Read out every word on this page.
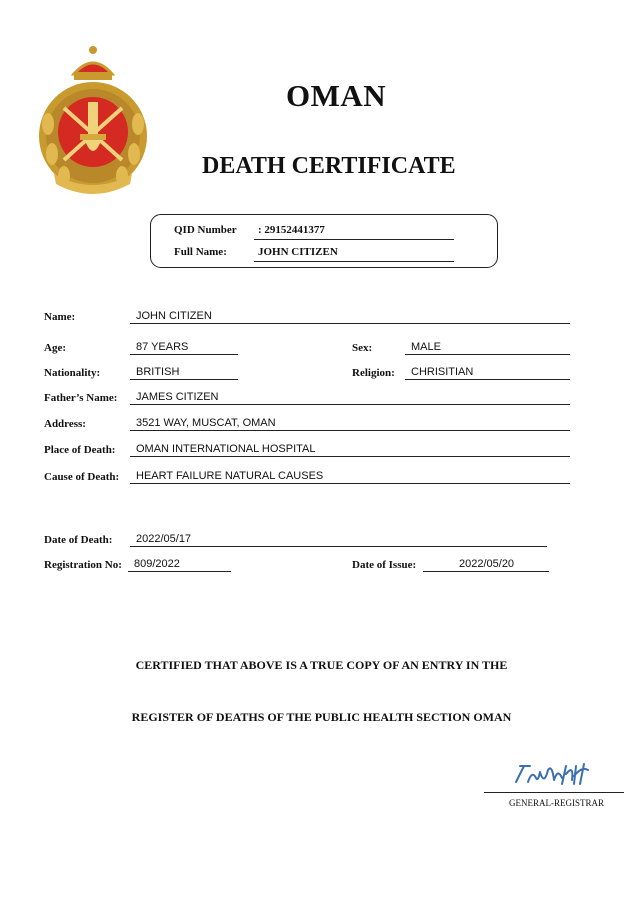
OMAN
DEATH CERTIFICATE
QID Number : 29152441377
Full Name:	JOHN CITIZEN
Name:	JOHN CITIZEN
Age:	87 YEARS	Sex:	MALE
Nationality:	BRITISH	Religion: CHRISITIAN
Father’s Name: JAMES CITIZEN
Address:	3521 WAY, MUSCAT, OMAN
Place of Death: OMAN INTERNATIONAL HOSPITAL
Cause of Death: HEART FAILURE NATURAL CAUSES
Date of Death: 2022/05/17
Registration No: 809/2022	Date of Issue:	2022/05/20
CERTIFIED THAT ABOVE IS A TRUE COPY OF AN ENTRY IN THE
REGISTER OF DEATHS OF THE PUBLIC HEALTH SECTION OMAN
GENERAL-REGISTRAR
